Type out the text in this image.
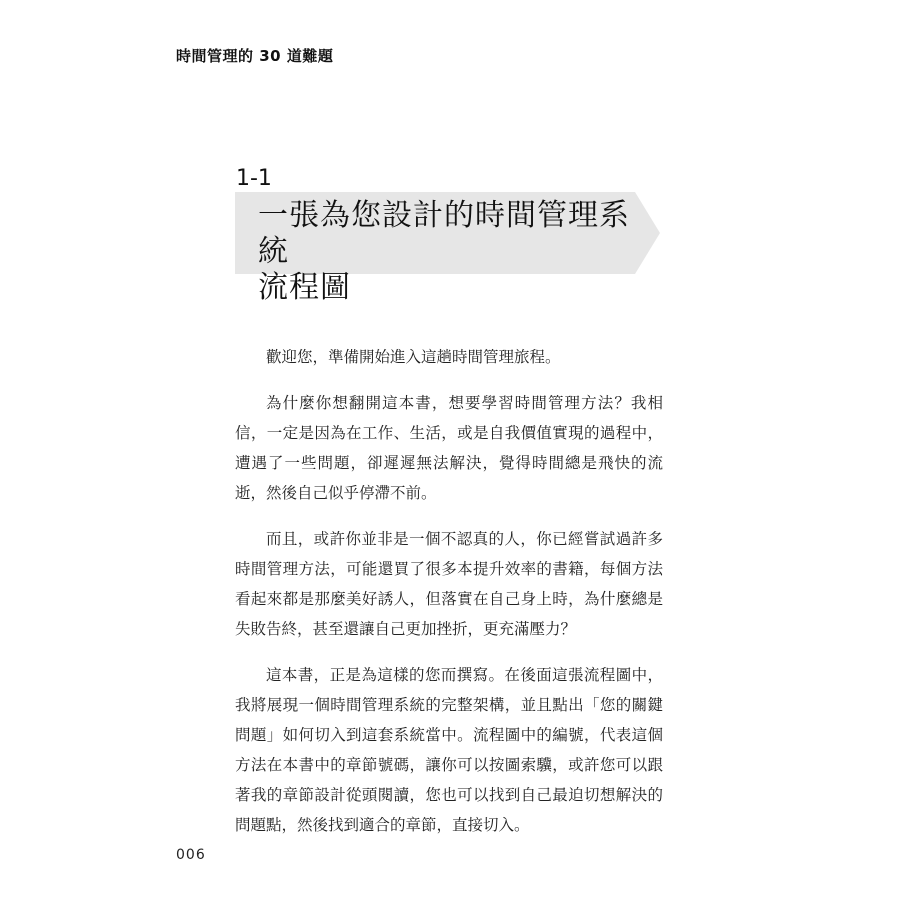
時間管理的 30 道難題
1-1
一張為您設計的時間管理系統
流程圖

歡迎您，準備開始進入這趟時間管理旅程。

為什麼你想翻開這本書，想要學習時間管理方法？我相信，一定是因為在工作、生活，或是自我價值實現的過程中，遭遇了一些問題，卻遲遲無法解決，覺得時間總是飛快的流逝，然後自己似乎停滯不前。

而且，或許你並非是一個不認真的人，你已經嘗試過許多時間管理方法，可能還買了很多本提升效率的書籍，每個方法看起來都是那麼美好誘人，但落實在自己身上時，為什麼總是失敗告終，甚至還讓自己更加挫折，更充滿壓力？

這本書，正是為這樣的您而撰寫。在後面這張流程圖中，我將展現一個時間管理系統的完整架構，並且點出「您的關鍵問題」如何切入到這套系統當中。流程圖中的編號，代表這個方法在本書中的章節號碼，讓你可以按圖索驥，或許您可以跟著我的章節設計從頭閱讀，您也可以找到自己最迫切想解決的問題點，然後找到適合的章節，直接切入。

006
